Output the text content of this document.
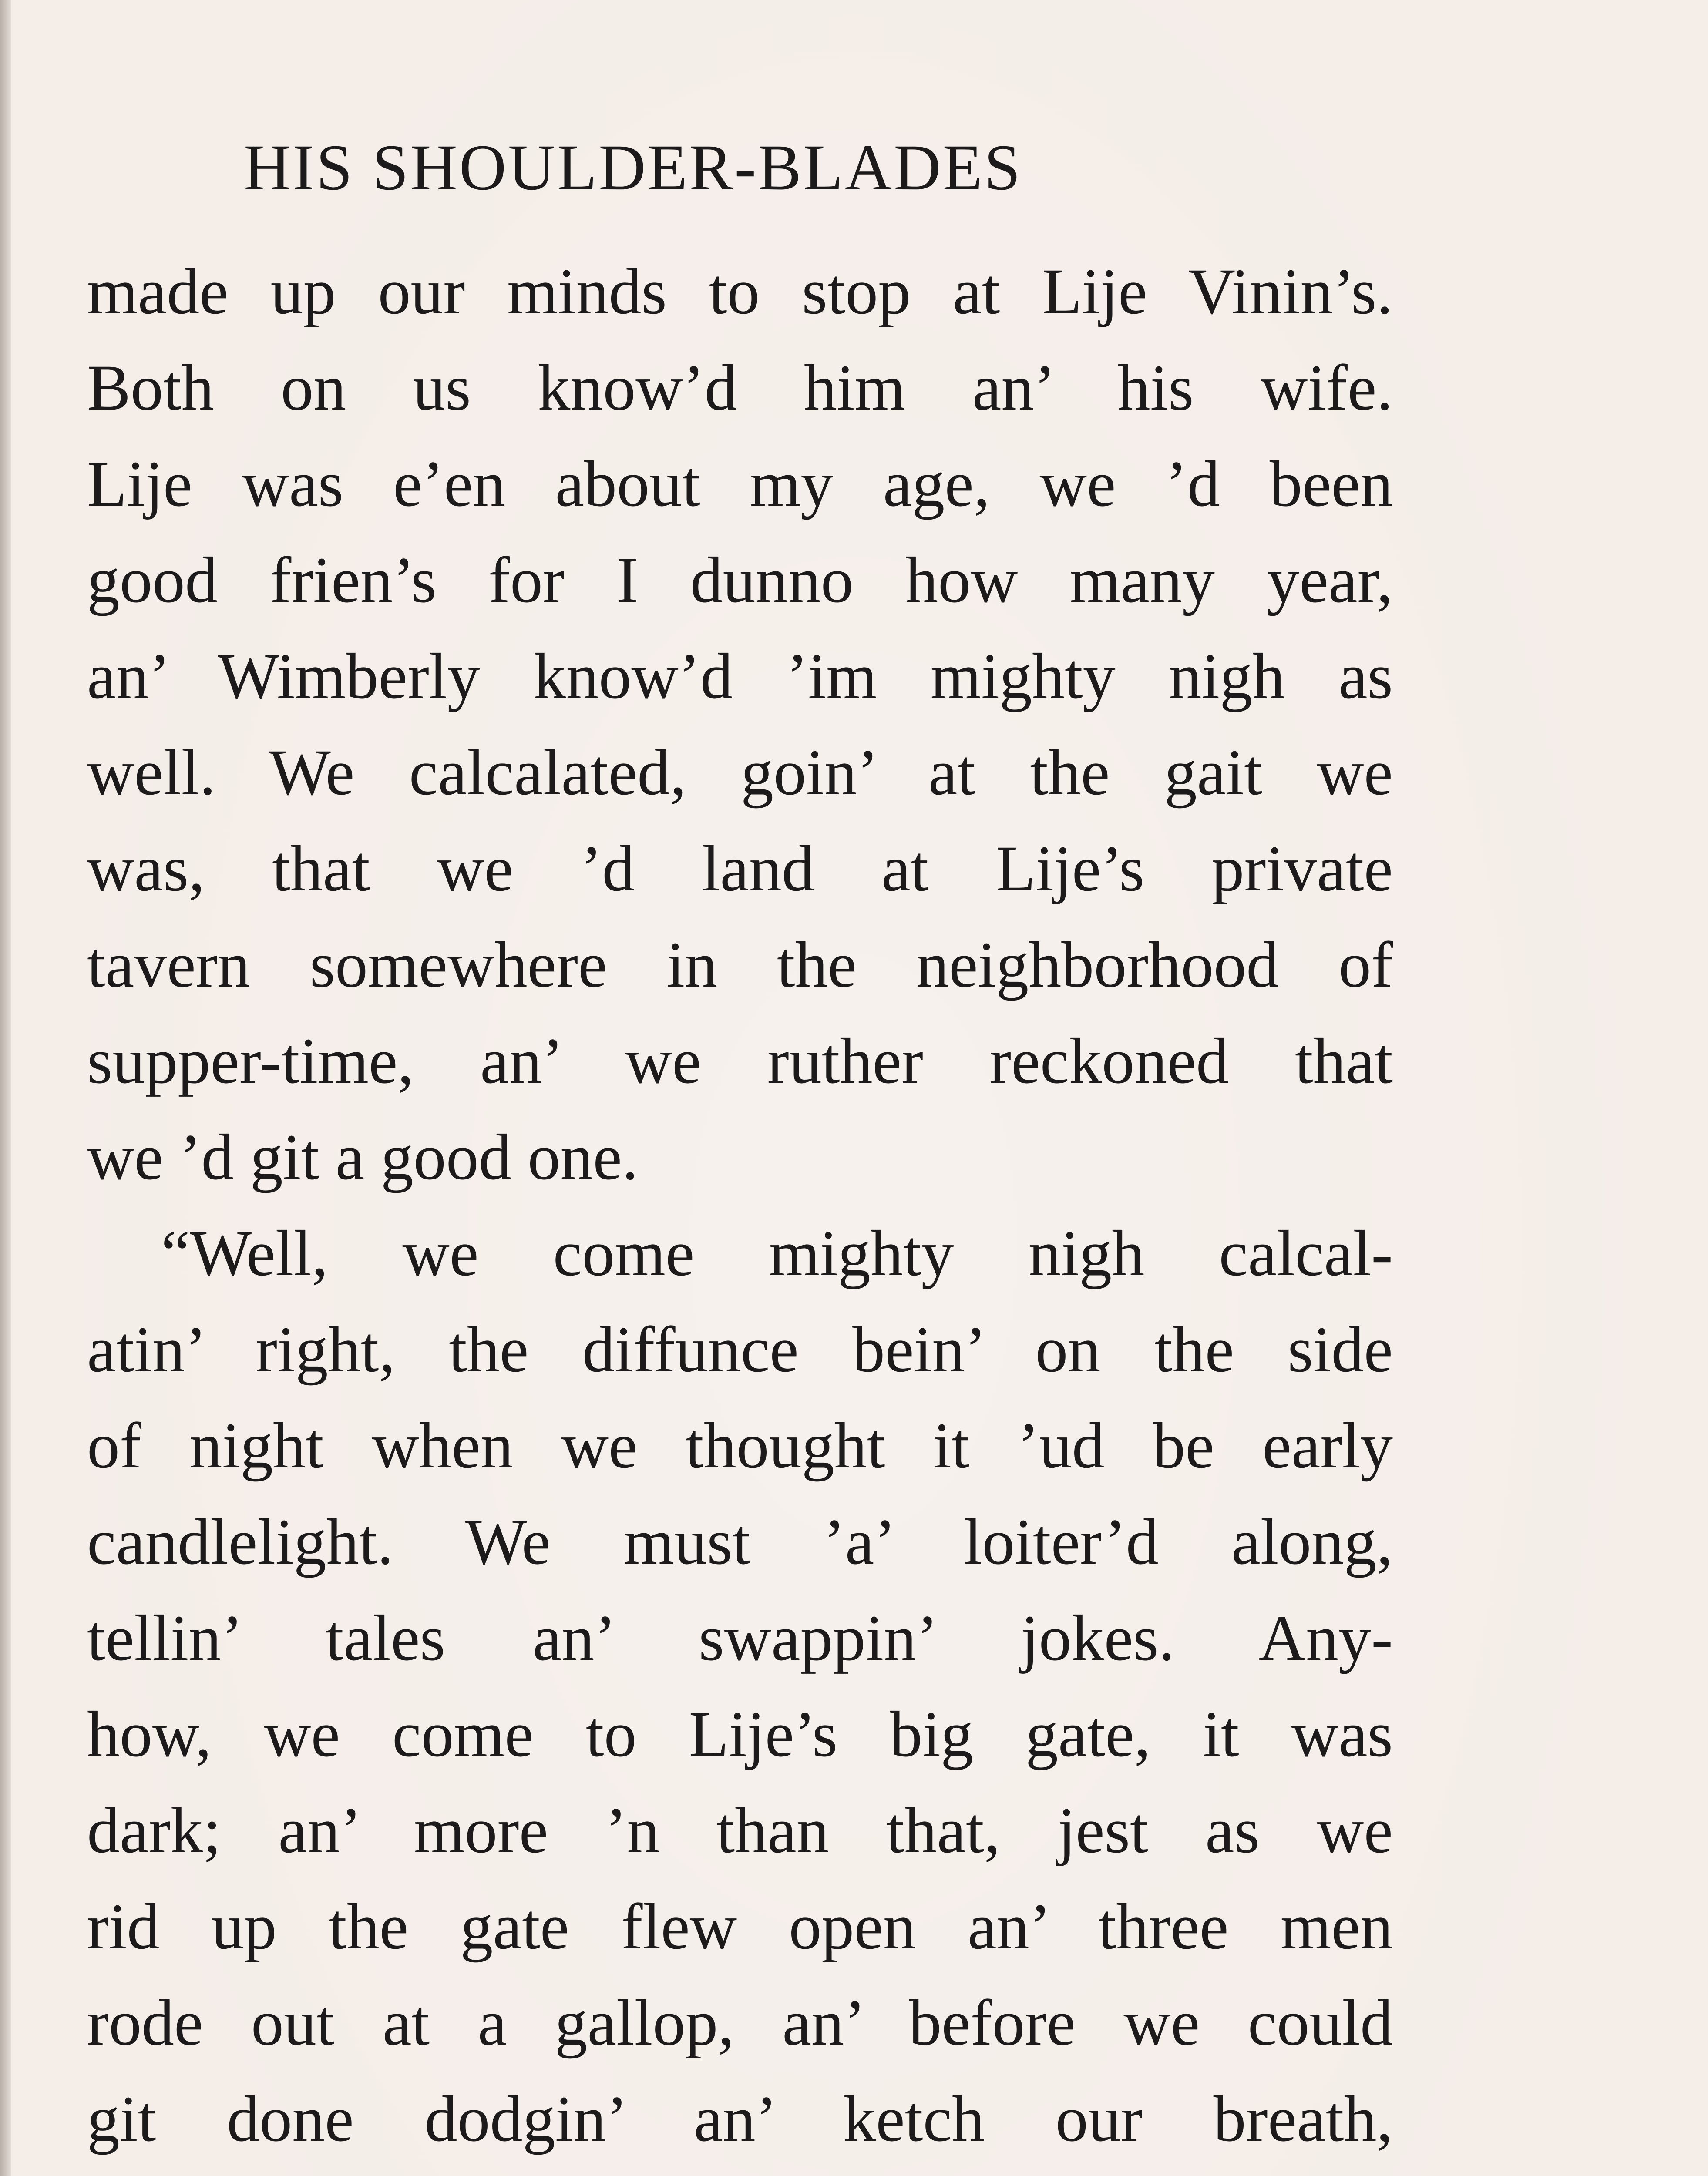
HIS SHOULDER-BLADES
made up our minds to stop at Lije Vinin’s.
Both on us know’d him an’ his wife.
Lije was e’en about my age, we ’d been
good frien’s for I dunno how many year,
an’ Wimberly know’d ’im mighty nigh as
well. We calcalated, goin’ at the gait we
was, that we ’d land at Lije’s private
tavern somewhere in the neighborhood of
supper-time, an’ we ruther reckoned that
we ’d git a good one.
“Well, we come mighty nigh calcal-
atin’ right, the diffunce bein’ on the side
of night when we thought it ’ud be early
candlelight. We must ’a’ loiter’d along,
tellin’ tales an’ swappin’ jokes. Any-
how, we come to Lije’s big gate, it was
dark; an’ more ’n than that, jest as we
rid up the gate flew open an’ three men
rode out at a gallop, an’ before we could
git done dodgin’ an’ ketch our breath,
